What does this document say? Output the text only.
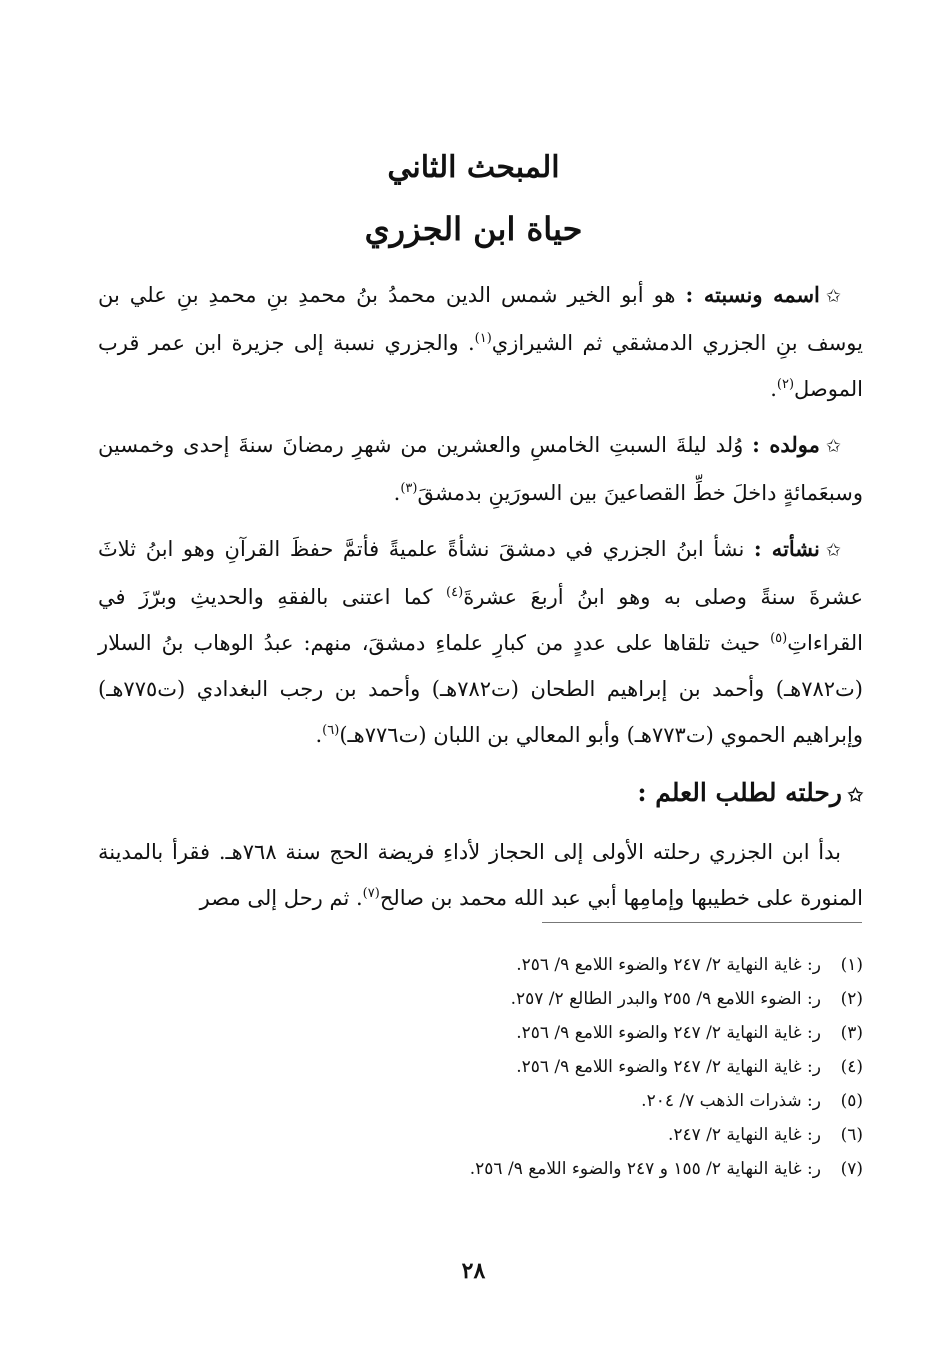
المبحث الثاني
حياة ابن الجزري

✩اسمه ونسبته : هو أبو الخير شمس الدين محمدُ بنُ محمدِ بنِ محمدِ بنِ علي بن يوسف بنِ الجزري الدمشقي ثم الشيرازي$^{(١)}$. والجزري نسبة إلى جزيرة ابن عمر قرب الموصل$^{(٢)}$.

✩مولده : وُلد ليلةَ السبتِ الخامسِ والعشرين من شهرِ رمضانَ سنةَ إحدى وخمسين وسبعَمائةٍ داخلَ خطِّ القصاعينَ بين السورَينِ بدمشقَ$^{(٣)}$.

✩نشأته : نشأ ابنُ الجزري في دمشقَ نشأةً علميةً فأتمَّ حفظَ القرآنِ وهو ابنُ ثلاثَ عشرةَ سنةً وصلى به وهو ابنُ أربعَ عشرةَ$^{(٤)}$ كما اعتنى بالفقهِ والحديثِ وبرّزَ في القراءاتِ$^{(٥)}$ حيث تلقاها على عددٍ من كبارِ علماءِ دمشقَ، منهم: عبدُ الوهاب بنُ السلار (ت٧٨٢هـ) وأحمد بن إبراهيم الطحان (ت٧٨٢هـ) وأحمد بن رجب البغدادي (ت٧٧٥هـ) وإبراهيم الحموي (ت٧٧٣هـ) وأبو المعالي بن اللبان (ت٧٧٦هـ)$^{(٦)}$.

✩رحلته لطلب العلم :

بدأ ابن الجزري رحلته الأولى إلى الحجاز لأداءِ فريضة الحج سنة ٧٦٨هـ. فقرأ بالمدينة المنورة على خطيبها وإمامِها أبي عبد الله محمد بن صالح$^{(٧)}$. ثم رحل إلى مصر

(١)ر: غاية النهاية ٢/ ٢٤٧ والضوء اللامع ٩/ ٢٥٦.
(٢)ر: الضوء اللامع ٩/ ٢٥٥ والبدر الطالع ٢/ ٢٥٧.
(٣)ر: غاية النهاية ٢/ ٢٤٧ والضوء اللامع ٩/ ٢٥٦.
(٤)ر: غاية النهاية ٢/ ٢٤٧ والضوء اللامع ٩/ ٢٥٦.
(٥)ر: شذرات الذهب ٧/ ٢٠٤.
(٦)ر: غاية النهاية ٢/ ٢٤٧.
(٧)ر: غاية النهاية ٢/ ١٥٥ و ٢٤٧ والضوء اللامع ٩/ ٢٥٦.
٢٨
